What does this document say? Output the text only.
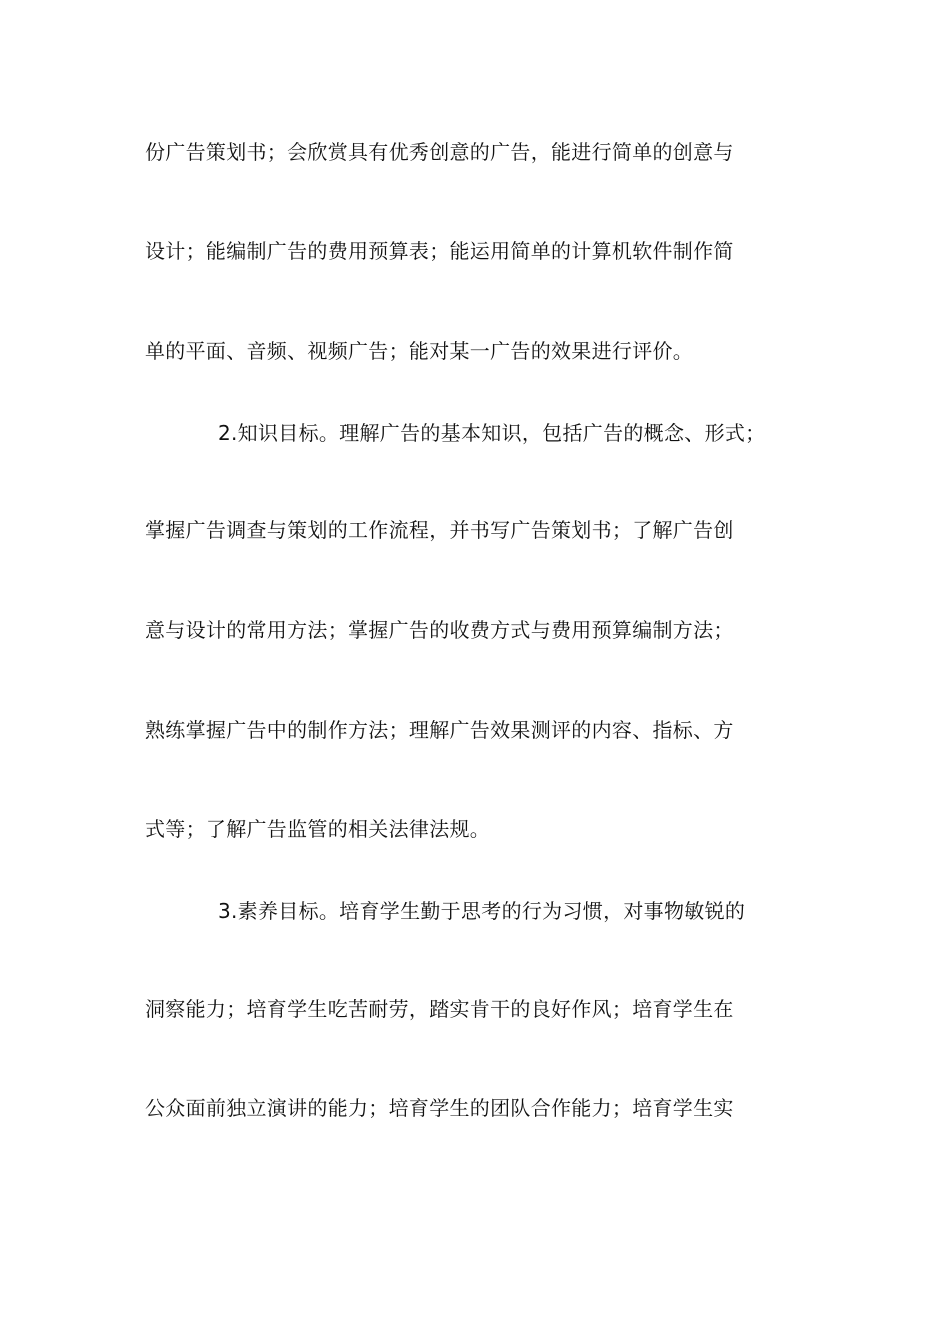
份广告策划书；会欣赏具有优秀创意的广告，能进行简单的创意与
设计；能编制广告的费用预算表；能运用简单的计算机软件制作简
单的平面、音频、视频广告；能对某一广告的效果进行评价。
2.知识目标。理解广告的基本知识，包括广告的概念、形式；
掌握广告调查与策划的工作流程，并书写广告策划书；了解广告创
意与设计的常用方法；掌握广告的收费方式与费用预算编制方法；
熟练掌握广告中的制作方法；理解广告效果测评的内容、指标、方
式等；了解广告监管的相关法律法规。
3.素养目标。培育学生勤于思考的行为习惯，对事物敏锐的
洞察能力；培育学生吃苦耐劳，踏实肯干的良好作风；培育学生在
公众面前独立演讲的能力；培育学生的团队合作能力；培育学生实
